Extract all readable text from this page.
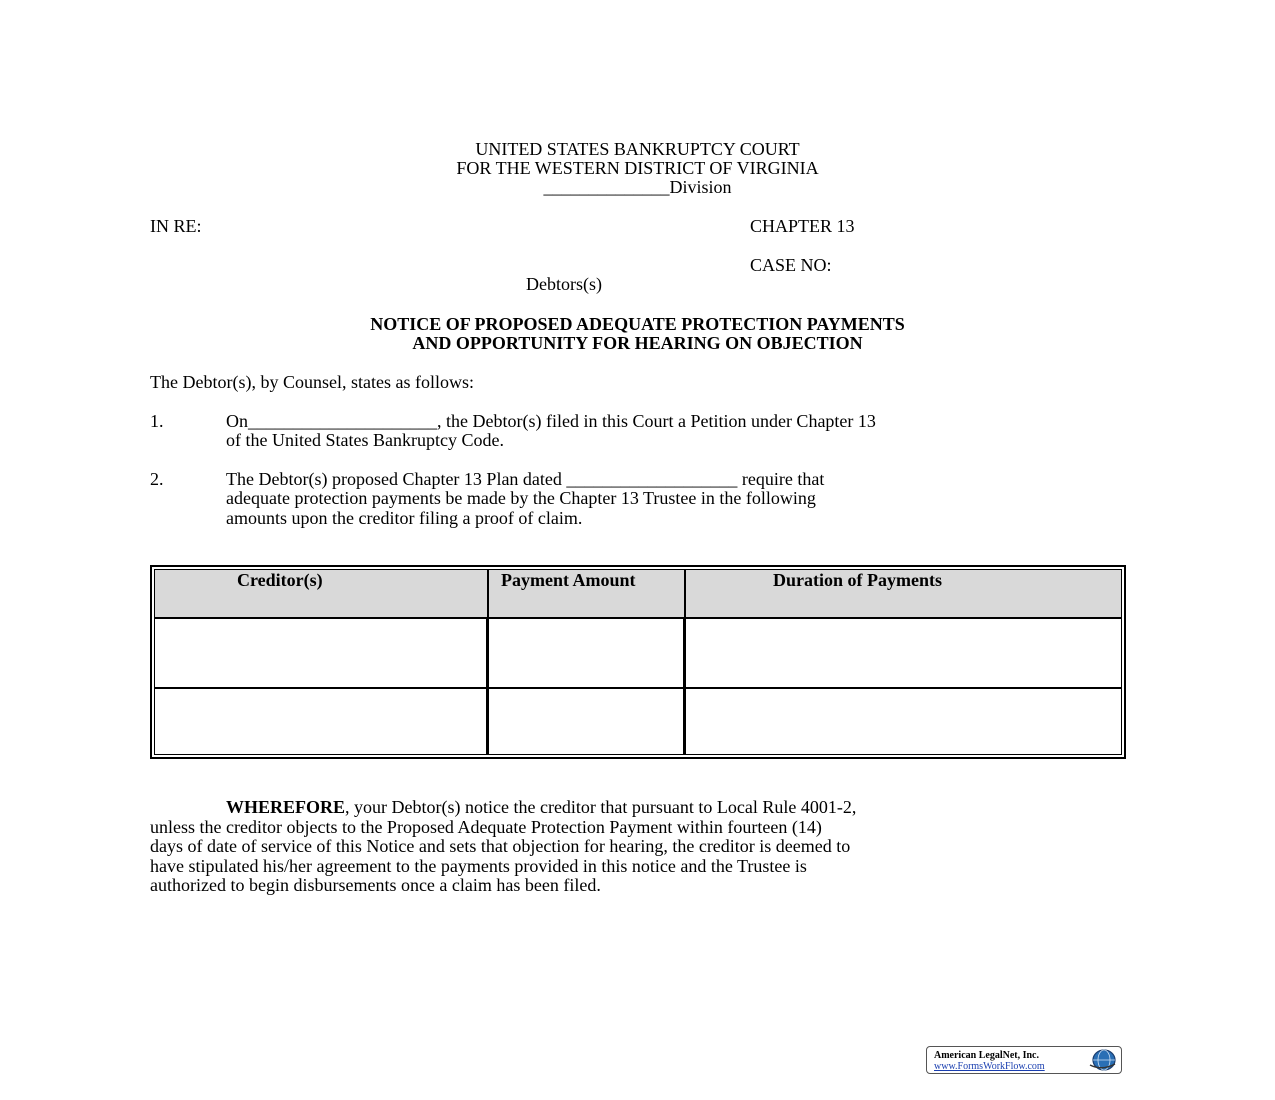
UNITED STATES BANKRUPTCY COURT
FOR THE WESTERN DISTRICT OF VIRGINIA
______________Division
IN RE:	CHAPTER 13
CASE NO:
Debtors(s)
NOTICE OF PROPOSED ADEQUATE PROTECTION PAYMENTS
AND OPPORTUNITY FOR HEARING ON OBJECTION
The Debtor(s), by Counsel, states as follows:
1.	On_____________________, the Debtor(s) filed in this Court a Petition under Chapter 13
of the United States Bankruptcy Code.
2.	The Debtor(s) proposed Chapter 13 Plan dated ___________________ require that
adequate protection payments be made by the Chapter 13 Trustee in the following
amounts upon the creditor filing a proof of claim.
Creditor(s)	Payment Amount	Duration of Payments

WHEREFORE, your Debtor(s) notice the creditor that pursuant to Local Rule 4001-2,
unless the creditor objects to the Proposed Adequate Protection Payment within fourteen (14)
days of date of service of this Notice and sets that objection for hearing, the creditor is deemed to
have stipulated his/her agreement to the payments provided in this notice and the Trustee is
authorized to begin disbursements once a claim has been filed.
American LegalNet, Inc.
www.FormsWorkFlow.com
